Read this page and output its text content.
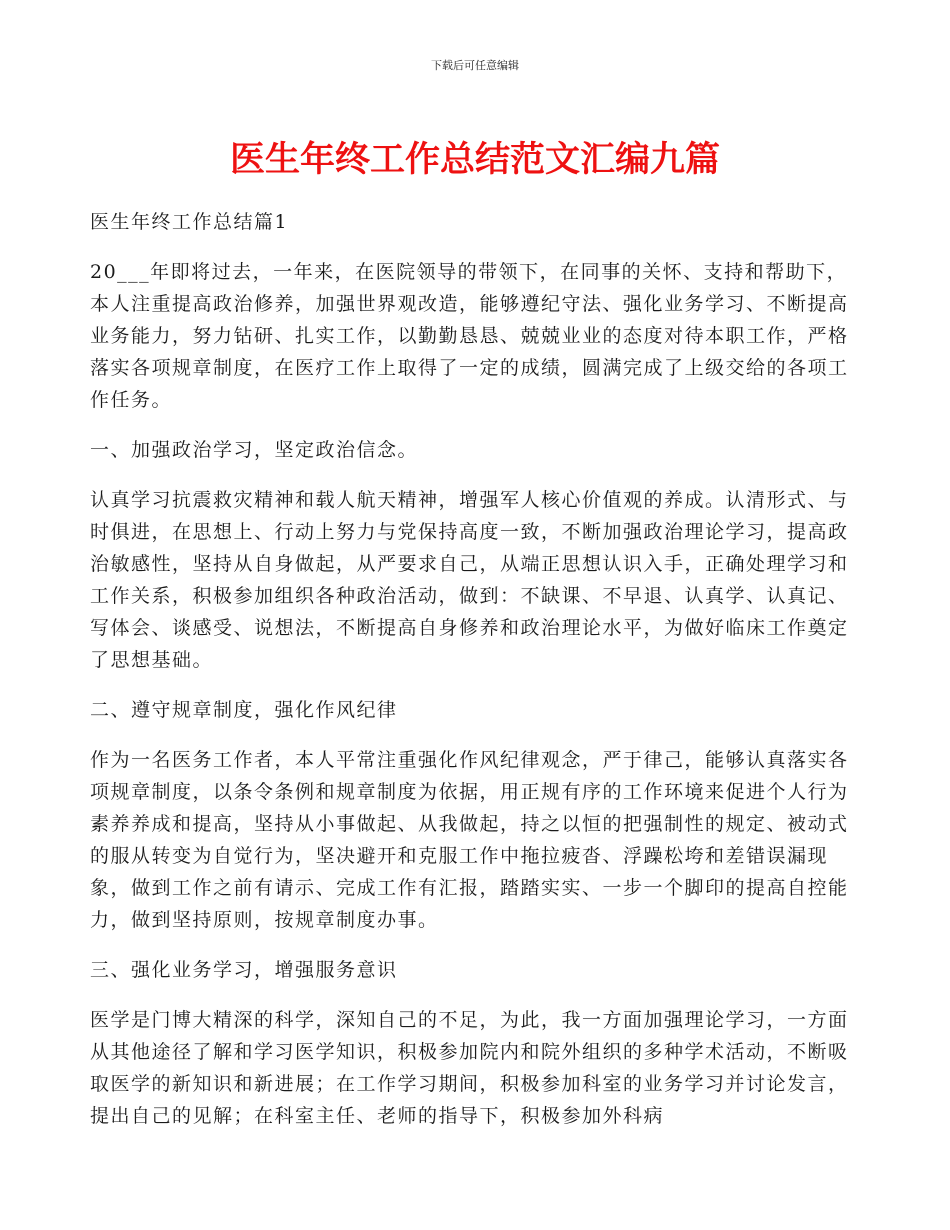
下载后可任意编辑
医生年终工作总结范文汇编九篇

医生年终工作总结篇1

20___年即将过去，一年来，在医院领导的带领下，在同事的关怀、支持和帮助下，本人注重提高政治修养，加强世界观改造，能够遵纪守法、强化业务学习、不断提高业务能力，努力钻研、扎实工作，以勤勤恳恳、兢兢业业的态度对待本职工作，严格落实各项规章制度，在医疗工作上取得了一定的成绩，圆满完成了上级交给的各项工作任务。

一、加强政治学习，坚定政治信念。

认真学习抗震救灾精神和载人航天精神，增强军人核心价值观的养成。认清形式、与时俱进，在思想上、行动上努力与党保持高度一致，不断加强政治理论学习，提高政治敏感性，坚持从自身做起，从严要求自己，从端正思想认识入手，正确处理学习和工作关系，积极参加组织各种政治活动，做到：不缺课、不早退、认真学、认真记、写体会、谈感受、说想法，不断提高自身修养和政治理论水平，为做好临床工作奠定了思想基础。

二、遵守规章制度，强化作风纪律

作为一名医务工作者，本人平常注重强化作风纪律观念，严于律己，能够认真落实各项规章制度，以条令条例和规章制度为依据，用正规有序的工作环境来促进个人行为素养养成和提高，坚持从小事做起、从我做起，持之以恒的把强制性的规定、被动式的服从转变为自觉行为，坚决避开和克服工作中拖拉疲沓、浮躁松垮和差错误漏现象，做到工作之前有请示、完成工作有汇报，踏踏实实、一步一个脚印的提高自控能力，做到坚持原则，按规章制度办事。

三、强化业务学习，增强服务意识

医学是门博大精深的科学，深知自己的不足，为此，我一方面加强理论学习，一方面从其他途径了解和学习医学知识，积极参加院内和院外组织的多种学术活动，不断吸取医学的新知识和新进展；在工作学习期间，积极参加科室的业务学习并讨论发言，提出自己的见解；在科室主任、老师的指导下，积极参加外科病
